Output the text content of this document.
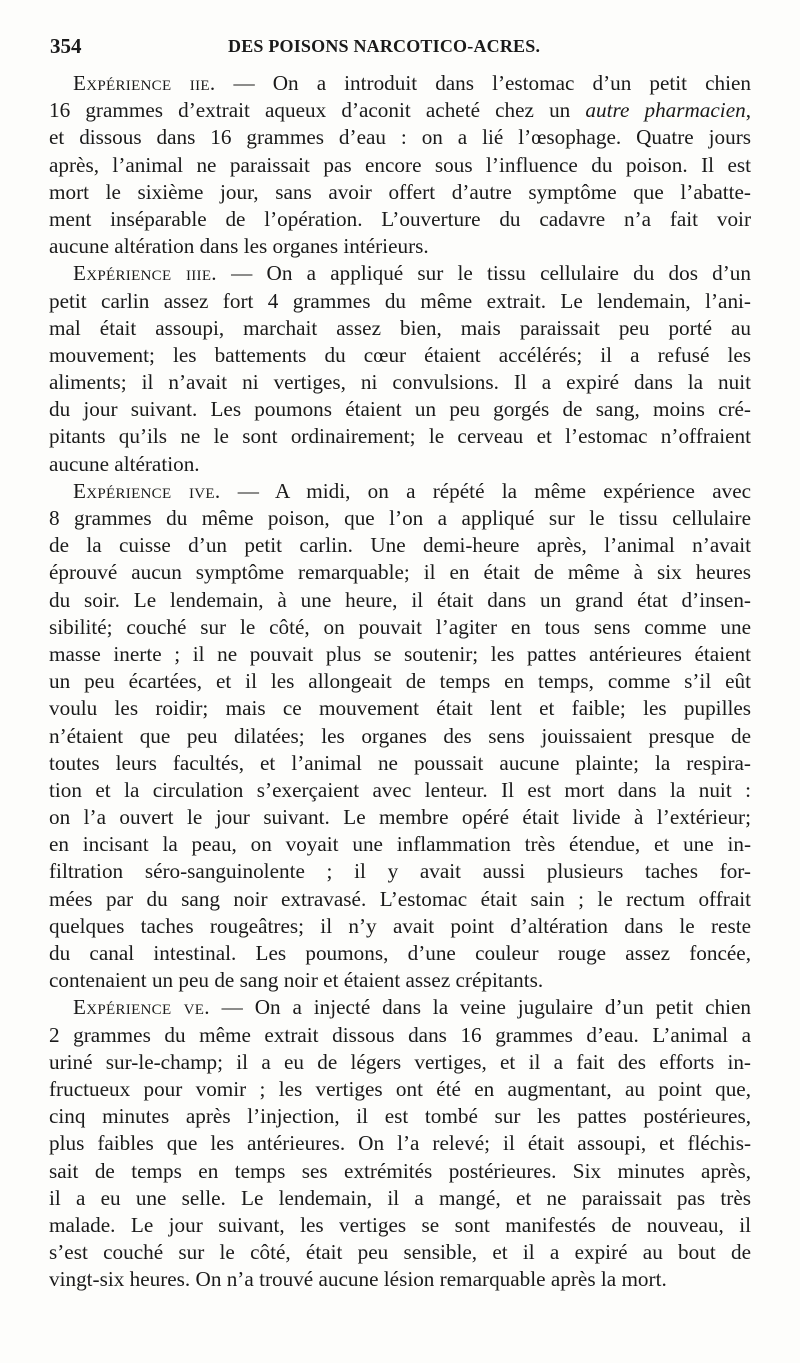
354	DES POISONS NARCOTICO-ACRES.
Expérience iie. — On a introduit dans l’estomac d’un petit chien
16 grammes d’extrait aqueux d’aconit acheté chez un autre pharmacien,
et dissous dans 16 grammes d’eau : on a lié l’œsophage. Quatre jours
après, l’animal ne paraissait pas encore sous l’influence du poison. Il est
mort le sixième jour, sans avoir offert d’autre symptôme que l’abatte-
ment inséparable de l’opération. L’ouverture du cadavre n’a fait voir
aucune altération dans les organes intérieurs.
Expérience iiie. — On a appliqué sur le tissu cellulaire du dos d’un
petit carlin assez fort 4 grammes du même extrait. Le lendemain, l’ani-
mal était assoupi, marchait assez bien, mais paraissait peu porté au
mouvement; les battements du cœur étaient accélérés; il a refusé les
aliments; il n’avait ni vertiges, ni convulsions. Il a expiré dans la nuit
du jour suivant. Les poumons étaient un peu gorgés de sang, moins cré-
pitants qu’ils ne le sont ordinairement; le cerveau et l’estomac n’offraient
aucune altération.
Expérience ive. — A midi, on a répété la même expérience avec
8 grammes du même poison, que l’on a appliqué sur le tissu cellulaire
de la cuisse d’un petit carlin. Une demi-heure après, l’animal n’avait
éprouvé aucun symptôme remarquable; il en était de même à six heures
du soir. Le lendemain, à une heure, il était dans un grand état d’insen-
sibilité; couché sur le côté, on pouvait l’agiter en tous sens comme une
masse inerte ; il ne pouvait plus se soutenir; les pattes antérieures étaient
un peu écartées, et il les allongeait de temps en temps, comme s’il eût
voulu les roidir; mais ce mouvement était lent et faible; les pupilles
n’étaient que peu dilatées; les organes des sens jouissaient presque de
toutes leurs facultés, et l’animal ne poussait aucune plainte; la respira-
tion et la circulation s’exerçaient avec lenteur. Il est mort dans la nuit :
on l’a ouvert le jour suivant. Le membre opéré était livide à l’extérieur;
en incisant la peau, on voyait une inflammation très étendue, et une in-
filtration séro-sanguinolente ; il y avait aussi plusieurs taches for-
mées par du sang noir extravasé. L’estomac était sain ; le rectum offrait
quelques taches rougeâtres; il n’y avait point d’altération dans le reste
du canal intestinal. Les poumons, d’une couleur rouge assez foncée,
contenaient un peu de sang noir et étaient assez crépitants.
Expérience ve. — On a injecté dans la veine jugulaire d’un petit chien
2 grammes du même extrait dissous dans 16 grammes d’eau. L’animal a
uriné sur-le-champ; il a eu de légers vertiges, et il a fait des efforts in-
fructueux pour vomir ; les vertiges ont été en augmentant, au point que,
cinq minutes après l’injection, il est tombé sur les pattes postérieures,
plus faibles que les antérieures. On l’a relevé; il était assoupi, et fléchis-
sait de temps en temps ses extrémités postérieures. Six minutes après,
il a eu une selle. Le lendemain, il a mangé, et ne paraissait pas très
malade. Le jour suivant, les vertiges se sont manifestés de nouveau, il
s’est couché sur le côté, était peu sensible, et il a expiré au bout de
vingt-six heures. On n’a trouvé aucune lésion remarquable après la mort.
